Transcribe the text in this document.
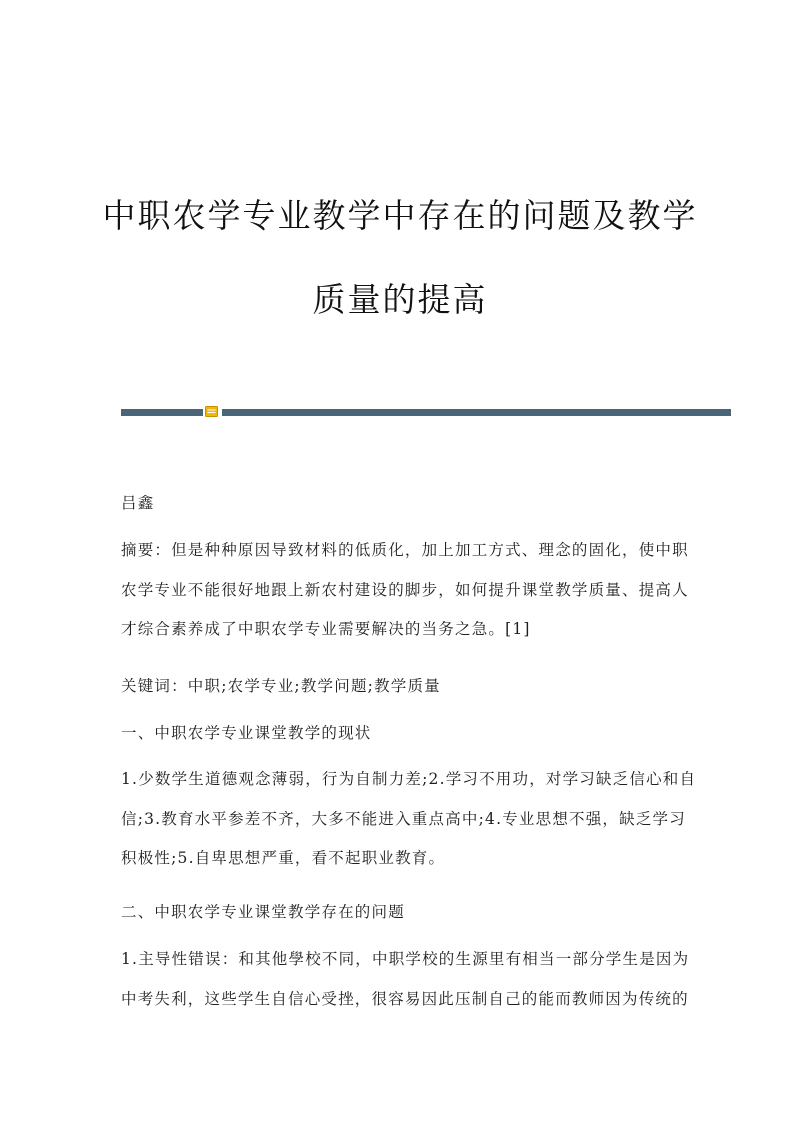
中职农学专业教学中存在的问题及教学
质量的提高

吕鑫

摘要：但是种种原因导致材料的低质化，加上加工方式、理念的固化，使中职
农学专业不能很好地跟上新农村建设的脚步，如何提升课堂教学质量、提高人
才综合素养成了中职农学专业需要解决的当务之急。[1]

关键词：中职;农学专业;教学问题;教学质量

一、中职农学专业课堂教学的现状

1.少数学生道德观念薄弱，行为自制力差;2.学习不用功，对学习缺乏信心和自
信;3.教育水平参差不齐，大多不能进入重点高中;4.专业思想不强，缺乏学习
积极性;5.自卑思想严重，看不起职业教育。

二、中职农学专业课堂教学存在的问题

1.主导性错误：和其他學校不同，中职学校的生源里有相当一部分学生是因为
中考失利，这些学生自信心受挫，很容易因此压制自己的能而教师因为传统的
